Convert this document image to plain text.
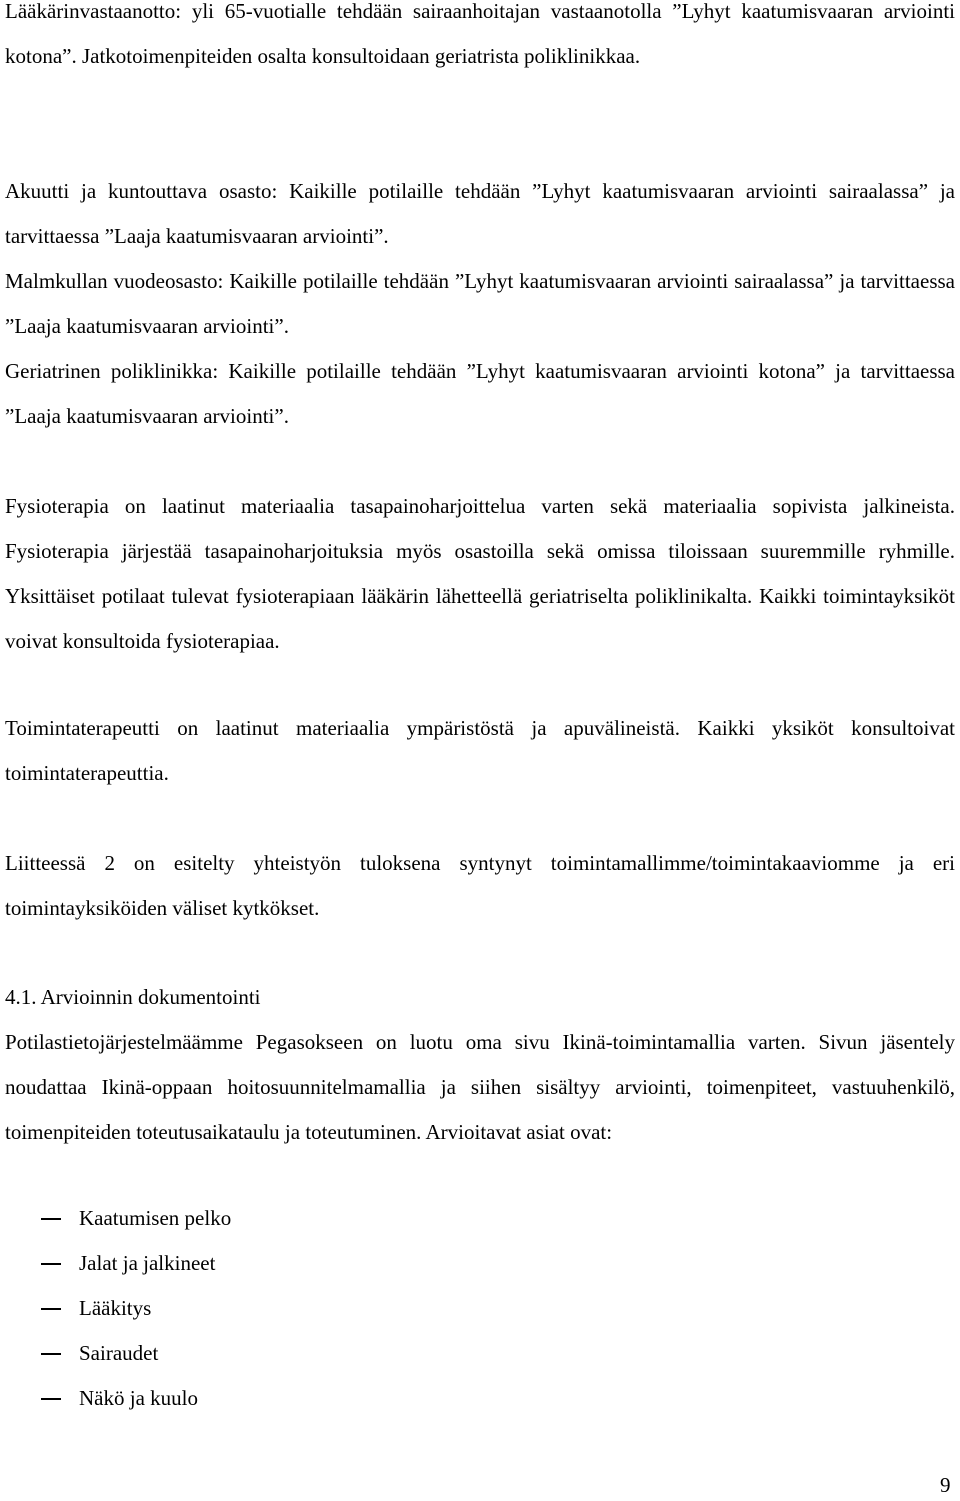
Lääkärinvastaanotto: yli 65-vuotialle tehdään sairaanhoitajan vastaanotolla ”Lyhyt kaatumisvaaran arviointi kotona”. Jatkotoimenpiteiden osalta konsultoidaan geriatrista poliklinikkaa.

Akuutti ja kuntouttava osasto: Kaikille potilaille tehdään ”Lyhyt kaatumisvaaran arviointi sairaalassa” ja tarvittaessa ”Laaja kaatumisvaaran arviointi”.

Malmkullan vuodeosasto: Kaikille potilaille tehdään ”Lyhyt kaatumisvaaran arviointi sairaalassa” ja tarvittaessa ”Laaja kaatumisvaaran arviointi”.

Geriatrinen poliklinikka: Kaikille potilaille tehdään ”Lyhyt kaatumisvaaran arviointi kotona” ja tarvittaessa ”Laaja kaatumisvaaran arviointi”.

Fysioterapia on laatinut materiaalia tasapainoharjoittelua varten sekä materiaalia sopivista jalkineista. Fysioterapia järjestää tasapainoharjoituksia myös osastoilla sekä omissa tiloissaan suuremmille ryhmille. Yksittäiset potilaat tulevat fysioterapiaan lääkärin lähetteellä geriatriselta poliklinikalta. Kaikki toimintayksiköt voivat konsultoida fysioterapiaa.

Toimintaterapeutti on laatinut materiaalia ympäristöstä ja apuvälineistä. Kaikki yksiköt konsultoivat toimintaterapeuttia.

Liitteessä 2 on esitelty yhteistyön tuloksena syntynyt toimintamallimme/toimintakaaviomme ja eri toimintayksiköiden väliset kytkökset.

4.1. Arvioinnin dokumentointi

Potilastietojärjestelmäämme Pegasokseen on luotu oma sivu Ikinä-toimintamallia varten. Sivun jäsentely noudattaa Ikinä-oppaan hoitosuunnitelmamallia ja siihen sisältyy arviointi, toimenpiteet, vastuuhenkilö, toimenpiteiden toteutusaikataulu ja toteutuminen. Arvioitavat asiat ovat:

Kaatumisen pelko
Jalat ja jalkineet
Lääkitys
Sairaudet
Näkö ja kuulo
9
